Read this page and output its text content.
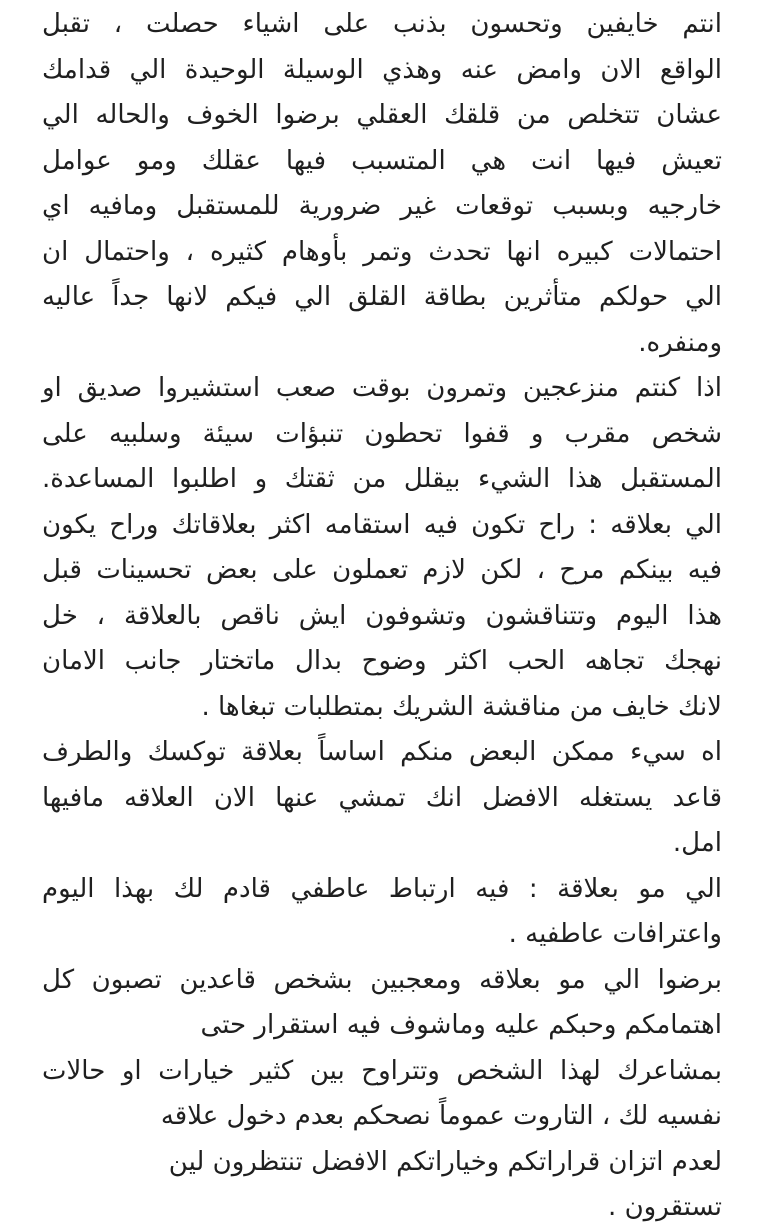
انتم خايفين وتحسون بذنب على اشياء حصلت ، تقبل
الواقع الان وامض عنه وهذي الوسيلة الوحيدة الي قدامك
عشان تتخلص من قلقك العقلي برضوا الخوف والحاله الي
تعيش فيها انت هي المتسبب فيها عقلك ومو عوامل
خارجيه وبسبب توقعات غير ضرورية للمستقبل ومافيه اي
احتمالات كبيره انها تحدث وتمر بأوهام كثيره ، واحتمال ان
الي حولكم متأثرين بطاقة القلق الي فيكم لانها جداً عاليه
ومنفره.
اذا كنتم منزعجين وتمرون بوقت صعب استشيروا صديق او
شخص مقرب و قفوا تحطون تنبؤات سيئة وسلبيه على
المستقبل هذا الشيء بيقلل من ثقتك و اطلبوا المساعدة.
الي بعلاقه : راح تكون فيه استقامه اكثر بعلاقاتك وراح يكون
فيه بينكم مرح ، لكن لازم تعملون على بعض تحسينات قبل
هذا اليوم وتتناقشون وتشوفون ايش ناقص بالعلاقة ، خل
نهجك تجاهه الحب اكثر وضوح بدال ماتختار جانب الامان
لانك خايف من مناقشة الشريك بمتطلبات تبغاها .
اه سيء ممكن البعض منكم اساساً بعلاقة توكسك والطرف
قاعد يستغله الافضل انك تمشي عنها الان العلاقه مافيها
امل.
الي مو بعلاقة : فيه ارتباط عاطفي قادم لك بهذا اليوم
واعترافات عاطفيه .
برضوا الي مو بعلاقه ومعجبين بشخص قاعدين تصبون كل
اهتمامكم وحبكم عليه وماشوف فيه استقرار حتى
بمشاعرك لهذا الشخص وتتراوح بين كثير خيارات او حالات
نفسيه لك ، التاروت عموماً نصحكم بعدم دخول علاقه
لعدم اتزان قراراتكم وخياراتكم الافضل تنتظرون لين
تستقرون .
